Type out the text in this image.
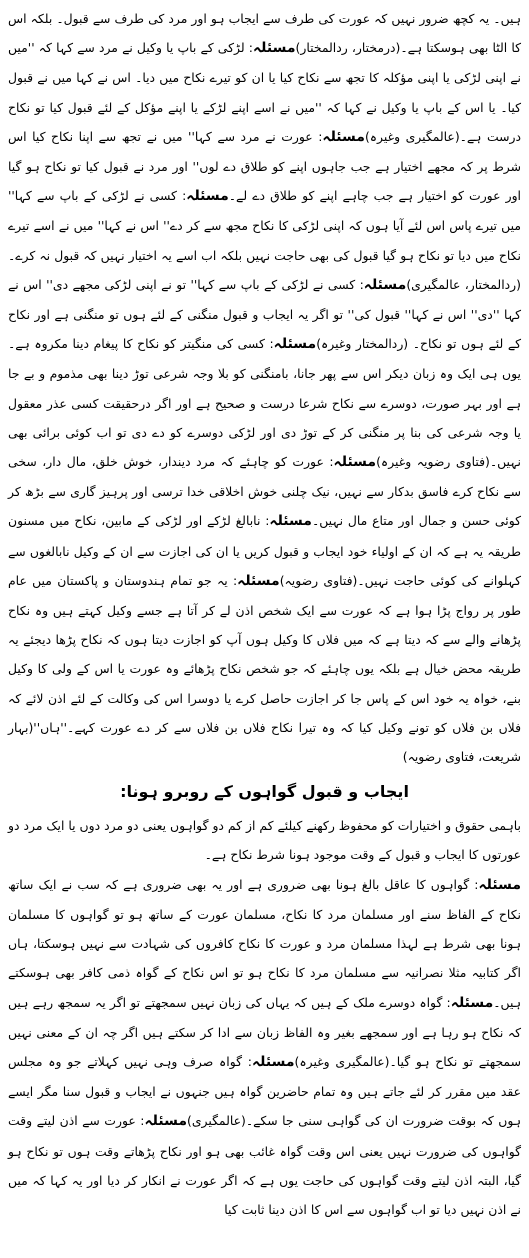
ہیں۔ یہ کچھ ضرور نہیں کہ عورت کی طرف سے ایجاب ہو اور مرد کی طرف سے قبول۔ بلکہ اس کا الٹا بھی ہوسکتا ہے۔(درمختار، ردالمختار)مسئلہ: لڑکی کے باپ یا وکیل نے مرد سے کہا کہ ''میں نے اپنی لڑکی یا اپنی مؤکلہ کا تجھ سے نکاح کیا یا ان کو تیرے نکاح میں دیا۔ اس نے کہا میں نے قبول کیا۔ یا اس کے باپ یا وکیل نے کہا کہ ''میں نے اسے اپنے لڑکے یا اپنے مؤکل کے لئے قبول کیا تو نکاح درست ہے۔(عالمگیری وغیرہ)مسئلہ: عورت نے مرد سے کہا'' میں نے تجھ سے اپنا نکاح کیا اس شرط پر کہ مجھے اختیار ہے جب جاہوں اپنے کو طلاق دے لوں'' اور مرد نے قبول کیا تو نکاح ہو گیا اور عورت کو اختیار ہے جب چاہے اپنے کو طلاق دے لے۔مسئلہ: کسی نے لڑکی کے باپ سے کہا'' میں تیرے پاس اس لئے آیا ہوں کہ اپنی لڑکی کا نکاح مجھ سے کر دے'' اس نے کہا'' میں نے اسے تیرے نکاح میں دیا تو نکاح ہو گیا قبول کی بھی حاجت نہیں بلکہ اب اسے یہ اختیار نہیں کہ قبول نہ کرے۔(ردالمختار، عالمگیری)مسئلہ: کسی نے لڑکی کے باپ سے کہا'' تو نے اپنی لڑکی مجھے دی'' اس نے کہا ''دی'' اس نے کہا'' قبول کی'' تو اگر یہ ایجاب و قبول منگنی کے لئے ہوں تو منگنی ہے اور نکاح کے لئے ہوں تو نکاح۔ (ردالمختار وغیرہ)مسئلہ: کسی کی منگیتر کو نکاح کا پیغام دینا مکروہ ہے۔ یوں ہی ایک وہ زبان دیکر اس سے پھر جانا، بامنگنی کو بلا وجہ شرعی توڑ دینا بھی مذموم و بے جا ہے اور بہر صورت، دوسرے سے نکاح شرعا درست و صحیح ہے اور اگر درحقیقت کسی عذر معقول یا وجہ شرعی کی بنا پر منگنی کر کے توڑ دی اور لڑکی دوسرے کو دے دی تو اب کوئی برائی بھی نہیں۔(فتاوی رضویہ وغیرہ)مسئلہ: عورت کو چاہئے کہ مرد دیندار، خوش خلق، مال دار، سخی سے نکاح کرے فاسق بدکار سے نہیں، نیک چلنی خوش اخلاقی خدا ترسی اور پرہیز گاری سے بڑھ کر کوئی حسن و جمال اور متاع مال نہیں۔مسئلہ: نابالغ لڑکے اور لڑکی کے مابین، نکاح میں مسنون طریقہ یہ ہے کہ ان کے اولیاء خود ایجاب و قبول کریں یا ان کی اجازت سے ان کے وکیل نابالغوں سے کہلوانے کی کوئی حاجت نہیں۔(فتاوی رضویہ)مسئلہ: یہ جو تمام ہندوستان و پاکستان میں عام طور پر رواج پڑا ہوا ہے کہ عورت سے ایک شخص اذن لے کر آتا ہے جسے وکیل کہتے ہیں وہ نکاح پڑھانے والے سے کہ دیتا ہے کہ میں فلاں کا وکیل ہوں آپ کو اجازت دیتا ہوں کہ نکاح پڑھا دیجئے یہ طریقہ محض خیال ہے بلکہ یوں چاہئے کہ جو شخص نکاح پڑھائے وہ عورت یا اس کے ولی کا وکیل بنے، خواہ یہ خود اس کے پاس جا کر اجازت حاصل کرے یا دوسرا اس کی وکالت کے لئے اذن لائے کہ فلاں بن فلاں کو تونے وکیل کیا کہ وہ تیرا نکاح فلاں بن فلاں سے کر دے عورت کہے۔''ہاں''(بہار شریعت، فتاوی رضویہ)

ایجاب و قبول گواہوں کے روبرو ہونا:

باہمی حقوق و اختیارات کو محفوظ رکھنے کیلئے کم از کم دو گواہوں یعنی دو مرد دوں یا ایک مرد دو عورتوں کا ایجاب و قبول کے وقت موجود ہونا شرط نکاح ہے۔

مسئلہ: گواہوں کا عاقل بالغ ہونا بھی ضروری ہے اور یہ بھی ضروری ہے کہ سب نے ایک ساتھ نکاح کے الفاظ سنے اور مسلمان مرد کا نکاح، مسلمان عورت کے ساتھ ہو تو گواہوں کا مسلمان ہونا بھی شرط ہے لہذا مسلمان مرد و عورت کا نکاح کافروں کی شہادت سے نہیں ہوسکتا، ہاں اگر کتابیہ مثلا نصرانیہ سے مسلمان مرد کا نکاح ہو تو اس نکاح کے گواہ ذمی کافر بھی ہوسکتے ہیں۔مسئلہ: گواہ دوسرے ملک کے ہیں کہ یہاں کی زبان نہیں سمجھتے تو اگر یہ سمجھ رہے ہیں کہ نکاح ہو رہا ہے اور سمجھے بغیر وہ الفاظ زبان سے ادا کر سکتے ہیں اگر چہ ان کے معنی نہیں سمجھتے تو نکاح ہو گیا۔(عالمگیری وغیرہ)مسئلہ: گواہ صرف وہی نہیں کہلاتے جو وہ مجلس عقد میں مقرر کر لئے جاتے ہیں وہ تمام حاضرین گواہ ہیں جنہوں نے ایجاب و قبول سنا مگر ایسے ہوں کہ بوقت ضرورت ان کی گواہی سنی جا سکے۔(عالمگیری)مسئلہ: عورت سے اذن لیتے وقت گواہوں کی ضرورت نہیں یعنی اس وقت گواہ غائب بھی ہو اور نکاح پڑھاتے وقت ہوں تو نکاح ہو گیا، البتہ اذن لیتے وقت گواہوں کی حاجت یوں ہے کہ اگر عورت نے انکار کر دیا اور یہ کہا کہ میں نے اذن نہیں دیا تو اب گواہوں سے اس کا اذن دینا ثابت کیا
